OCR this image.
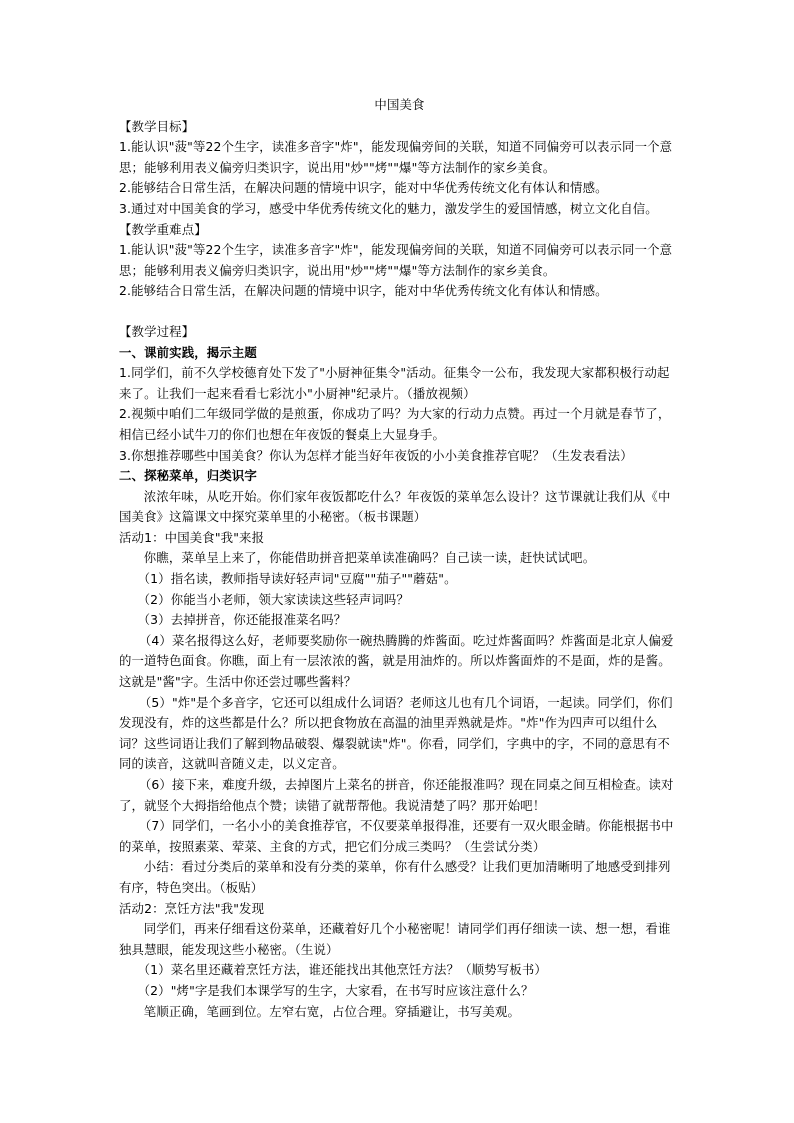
中国美食
【教学目标】
1.能认识"菠"等22个生字，读准多音字"炸"，能发现偏旁间的关联，知道不同偏旁可以表示同一个意思；能够利用表义偏旁归类识字，说出用"炒""烤""爆"等方法制作的家乡美食。
2.能够结合日常生活，在解决问题的情境中识字，能对中华优秀传统文化有体认和情感。
3.通过对中国美食的学习，感受中华优秀传统文化的魅力，激发学生的爱国情感，树立文化自信。
【教学重难点】
1.能认识"菠"等22个生字，读准多音字"炸"，能发现偏旁间的关联，知道不同偏旁可以表示同一个意思；能够利用表义偏旁归类识字，说出用"炒""烤""爆"等方法制作的家乡美食。
2.能够结合日常生活，在解决问题的情境中识字，能对中华优秀传统文化有体认和情感。
【教学过程】
一、课前实践，揭示主题
1.同学们，前不久学校德育处下发了"小厨神征集令"活动。征集令一公布，我发现大家都积极行动起来了。让我们一起来看看七彩沈小"小厨神"纪录片。（播放视频）
2.视频中咱们二年级同学做的是煎蛋，你成功了吗？为大家的行动力点赞。再过一个月就是春节了，相信已经小试牛刀的你们也想在年夜饭的餐桌上大显身手。
3.你想推荐哪些中国美食？你认为怎样才能当好年夜饭的小小美食推荐官呢？（生发表看法）
二、探秘菜单，归类识字
浓浓年味，从吃开始。你们家年夜饭都吃什么？年夜饭的菜单怎么设计？这节课就让我们从《中国美食》这篇课文中探究菜单里的小秘密。（板书课题）
活动1：中国美食"我"来报
你瞧，菜单呈上来了，你能借助拼音把菜单读准确吗？自己读一读，赶快试试吧。
（1）指名读，教师指导读好轻声词"豆腐""茄子""蘑菇"。
（2）你能当小老师，领大家读读这些轻声词吗？
（3）去掉拼音，你还能报准菜名吗？
（4）菜名报得这么好，老师要奖励你一碗热腾腾的炸酱面。吃过炸酱面吗？炸酱面是北京人偏爱的一道特色面食。你瞧，面上有一层浓浓的酱，就是用油炸的。所以炸酱面炸的不是面，炸的是酱。这就是"酱"字。生活中你还尝过哪些酱料？
（5）"炸"是个多音字，它还可以组成什么词语？老师这儿也有几个词语，一起读。同学们，你们发现没有，炸的这些都是什么？所以把食物放在高温的油里弄熟就是炸。"炸"作为四声可以组什么词？这些词语让我们了解到物品破裂、爆裂就读"炸"。你看，同学们，字典中的字，不同的意思有不同的读音，这就叫音随义走，以义定音。
（6）接下来，难度升级，去掉图片上菜名的拼音，你还能报准吗？现在同桌之间互相检查。读对了，就竖个大拇指给他点个赞；读错了就帮帮他。我说清楚了吗？那开始吧！
（7）同学们，一名小小的美食推荐官，不仅要菜单报得准，还要有一双火眼金睛。你能根据书中的菜单，按照素菜、荤菜、主食的方式，把它们分成三类吗？（生尝试分类）
小结：看过分类后的菜单和没有分类的菜单，你有什么感受？让我们更加清晰明了地感受到排列有序，特色突出。（板贴）
活动2：烹饪方法"我"发现
同学们，再来仔细看这份菜单，还藏着好几个小秘密呢！请同学们再仔细读一读、想一想，看谁独具慧眼，能发现这些小秘密。（生说）
（1）菜名里还藏着烹饪方法，谁还能找出其他烹饪方法？（顺势写板书）
（2）"烤"字是我们本课学写的生字，大家看，在书写时应该注意什么？
笔顺正确，笔画到位。左窄右宽，占位合理。穿插避让，书写美观。
